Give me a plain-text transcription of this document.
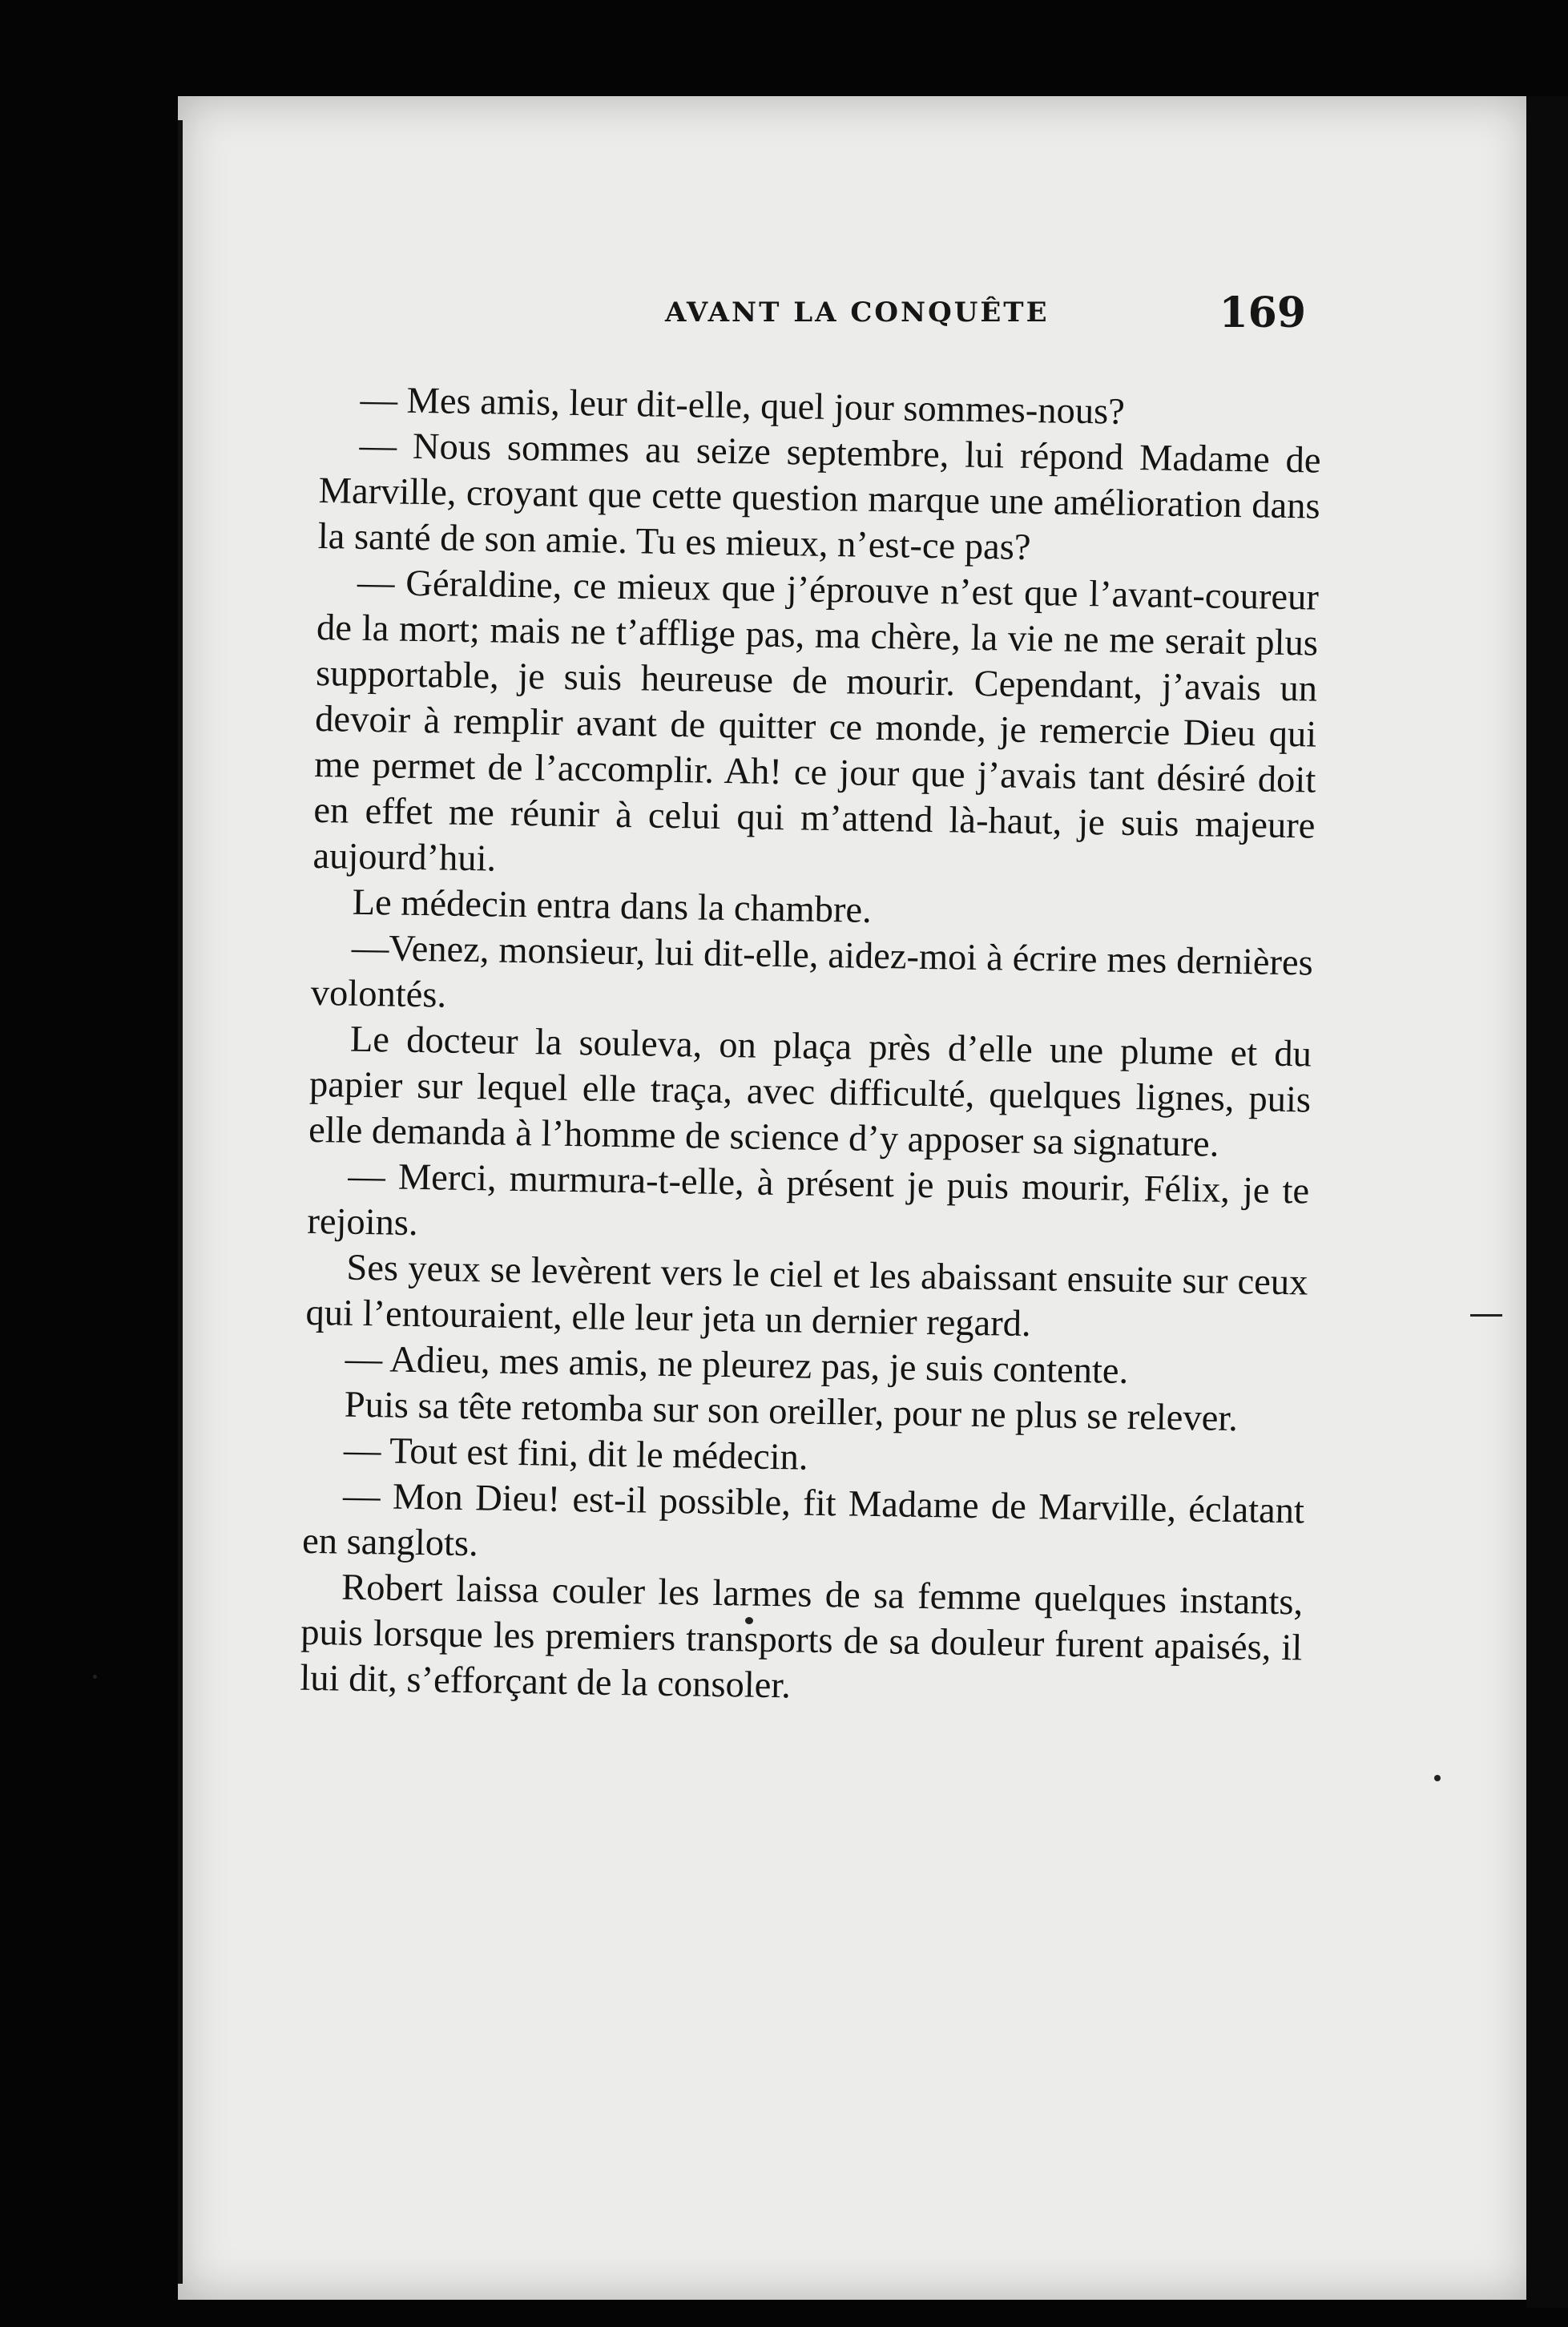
AVANT LA CONQUÊTE	169

— Mes amis, leur dit-elle, quel jour sommes-nous?

— Nous sommes au seize septembre, lui répond Madame de Marville, croyant que cette question marque une amélioration dans la santé de son amie. Tu es mieux, n’est-ce pas?

— Géraldine, ce mieux que j’éprouve n’est que l’avant-coureur de la mort; mais ne t’afflige pas, ma chère, la vie ne me serait plus supportable, je suis heureuse de mourir. Cependant, j’avais un devoir à remplir avant de quitter ce monde, je remercie Dieu qui me permet de l’accomplir. Ah! ce jour que j’avais tant désiré doit en effet me réunir à celui qui m’attend là-haut, je suis majeure aujourd’hui.

Le médecin entra dans la chambre.

—Venez, monsieur, lui dit-elle, aidez-moi à écrire mes dernières volontés.

Le docteur la souleva, on plaça près d’elle une plume et du papier sur lequel elle traça, avec difficulté, quelques lignes, puis elle demanda à l’homme de science d’y apposer sa signature.

— Merci, murmura-t-elle, à présent je puis mourir, Félix, je te rejoins.

Ses yeux se levèrent vers le ciel et les abaissant ensuite sur ceux qui l’entouraient, elle leur jeta un dernier regard.

— Adieu, mes amis, ne pleurez pas, je suis contente.

Puis sa tête retomba sur son oreiller, pour ne plus se relever.

— Tout est fini, dit le médecin.

— Mon Dieu! est-il possible, fit Madame de Marville, éclatant en sanglots.

Robert laissa couler les larmes de sa femme quelques instants, puis lorsque les premiers transports de sa douleur furent apaisés, il lui dit, s’efforçant de la consoler.
